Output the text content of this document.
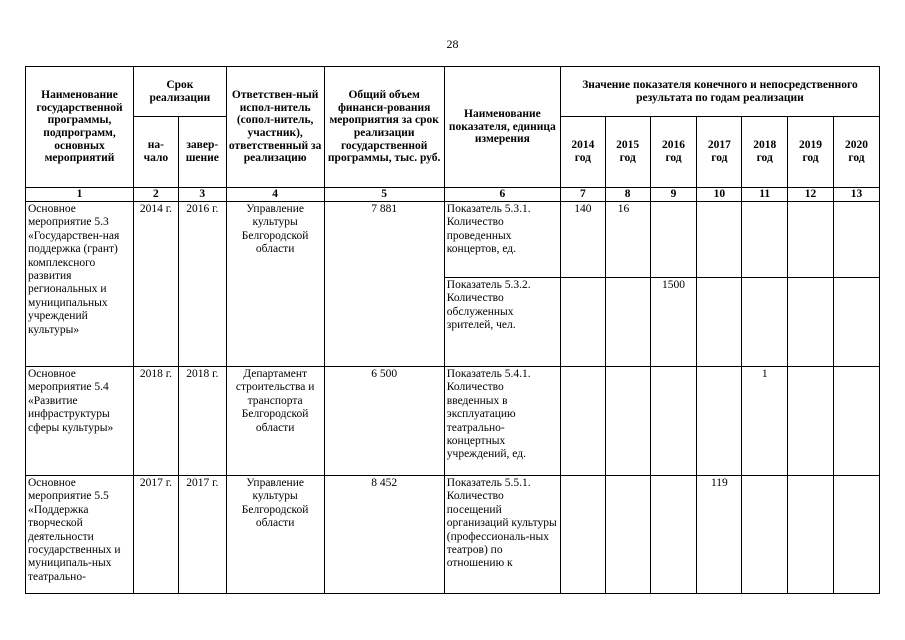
28
Наименование государственной программы, подпрограмм, основных мероприятий	Срок реализации		Ответствен-ный испол-нитель (сопол-нитель, участник), ответственный за реализацию	Общий объем финанси-рования мероприятия за срок реализации государственной программы, тыс. руб.	Наименование показателя, единица измерения	Значение показателя конечного и непосредственного результата по годам реализации						
	на-чало	завер-шение				2014 год	2015 год	2016 год	2017 год	2018 год	2019 год	2020 год
1	2	3	4	5	6	7	8	9	10	11	12	13
Основное мероприятие 5.3 «Государствен-ная поддержка (грант) комплексного развития региональных и муниципальных учреждений культуры»	2014 г.	2016 г.	Управление культуры Белгородской области	7 881	Показатель 5.3.1. Количество проведенных концертов, ед.	140	16					
					Показатель 5.3.2. Количество обслуженных зрителей, чел.			1500				
Основное мероприятие 5.4 «Развитие инфраструктуры сферы культуры»	2018 г.	2018 г.	Департамент строительства и транспорта Белгородской области	6 500	Показатель 5.4.1. Количество введенных в эксплуатацию театрально-концертных учреждений, ед.					1		
Основное мероприятие 5.5 «Поддержка творческой деятельности государственных и муниципаль-ных театрально-	2017 г.	2017 г.	Управление культуры Белгородской области	8 452	Показатель 5.5.1. Количество посещений организаций культуры (профессиональ-ных театров) по отношению к				119			
